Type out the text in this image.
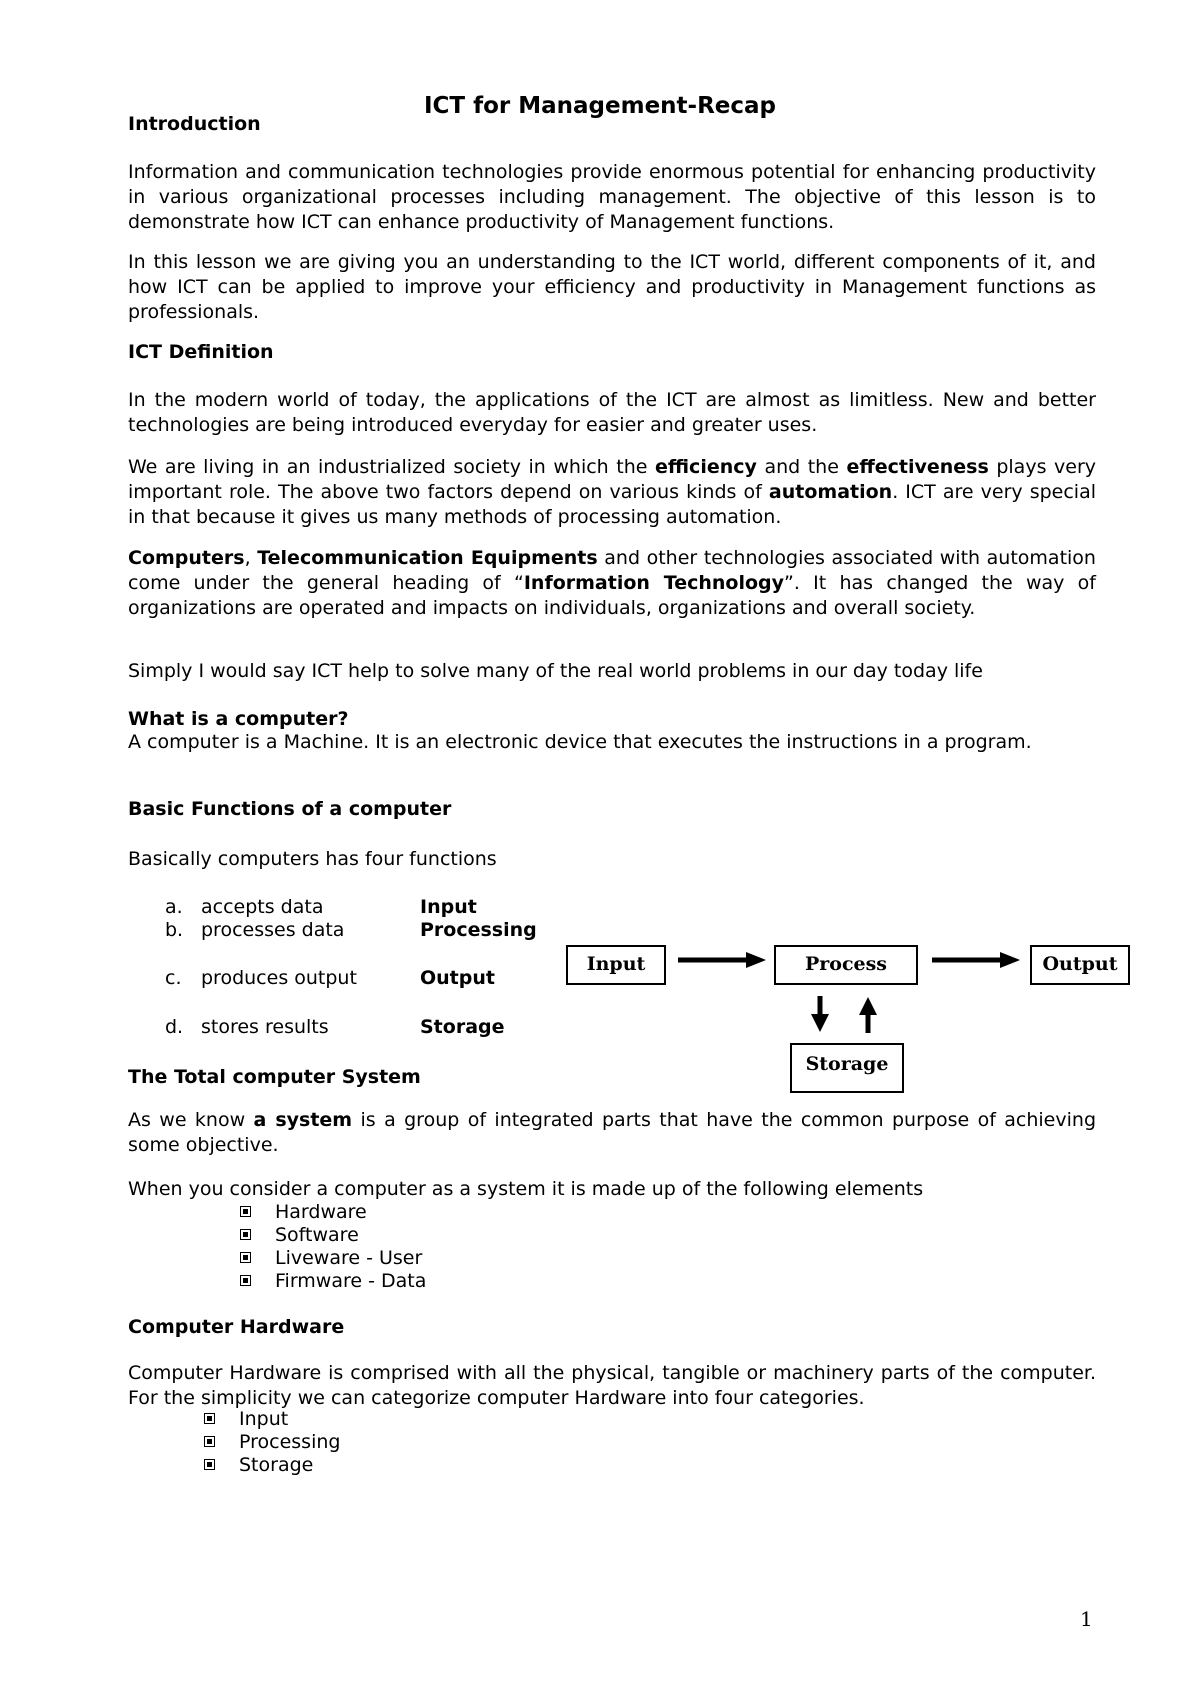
ICT for Management-Recap
Introduction
Information and communication technologies provide enormous potential for enhancing productivity in various organizational processes including management. The objective of this lesson is to demonstrate how ICT can enhance productivity of Management functions.
In this lesson we are giving you an understanding to the ICT world, different components of it, and how ICT can be applied to improve your efficiency and productivity in Management functions as professionals.
ICT Definition
In the modern world of today, the applications of the ICT are almost as limitless. New and better technologies are being introduced everyday for easier and greater uses.
We are living in an industrialized society in which the efficiency and the effectiveness plays very important role. The above two factors depend on various kinds of automation. ICT are very special in that because it gives us many methods of processing automation.
Computers, Telecommunication Equipments and other technologies associated with automation come under the general heading of “Information Technology”. It has changed the way of organizations are operated and impacts on individuals, organizations and overall society.
Simply I would say ICT help to solve many of the real world problems in our day today life
What is a computer?
A computer is a Machine. It is an electronic device that executes the instructions in a program.
Basic Functions of a computer
Basically computers has four functions
a. accepts data	Input
b. processes data	Processing
c.	produces output	Output
d. stores results	Storage
Input	Process	Output
Storage
The Total computer System
As we know a system is a group of integrated parts that have the common purpose of achieving some objective.
When you consider a computer as a system it is made up of the following elements
Hardware
Software
Liveware - User
Firmware - Data
Computer Hardware
Computer Hardware is comprised with all the physical, tangible or machinery parts of the computer. For the simplicity we can categorize computer Hardware into four categories.
Input
Processing
Storage
1
